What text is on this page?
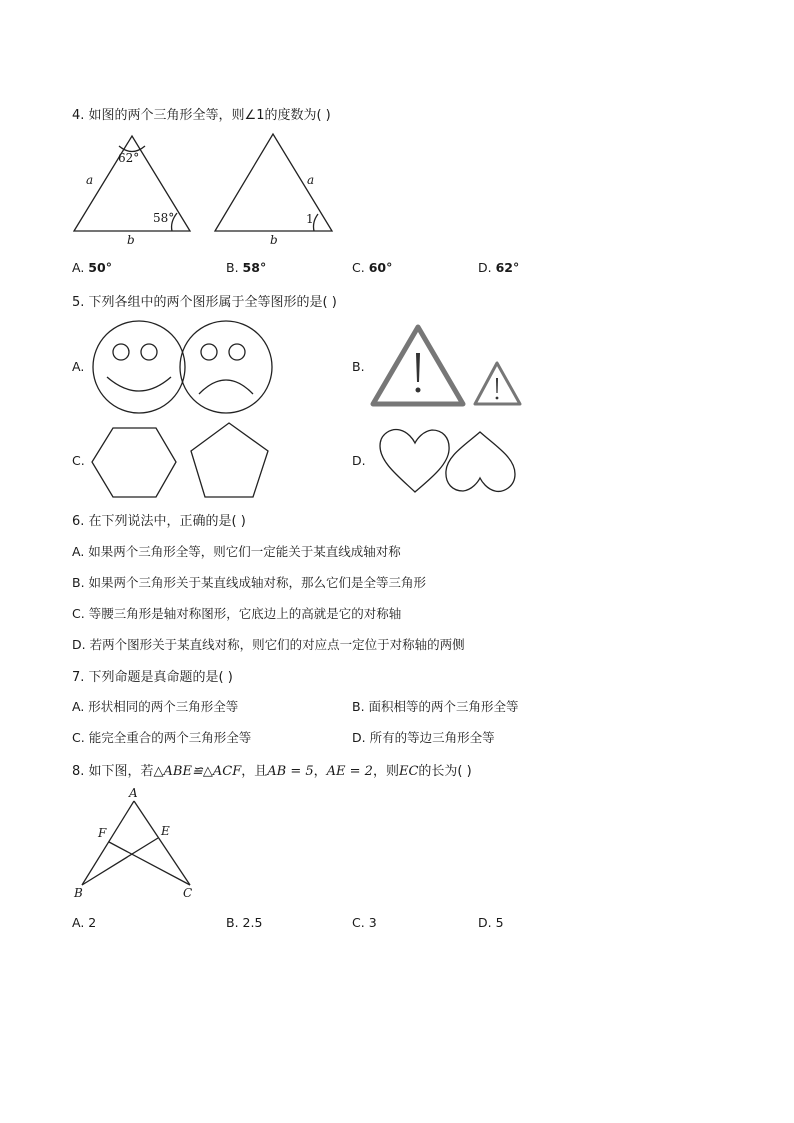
4. 如图的两个三角形全等，则∠1的度数为( )
62°
58°
a
b
a
b
1
A. 50°	B. 58°	C. 60°	D. 62°
5. 下列各组中的两个图形属于全等图形的是( )
A.	B.
C.	D.
6. 在下列说法中，正确的是( )
A. 如果两个三角形全等，则它们一定能关于某直线成轴对称
B. 如果两个三角形关于某直线成轴对称，那么它们是全等三角形
C. 等腰三角形是轴对称图形，它底边上的高就是它的对称轴
D. 若两个图形关于某直线对称，则它们的对应点一定位于对称轴的两侧
7. 下列命题是真命题的是( )
A. 形状相同的两个三角形全等	B. 面积相等的两个三角形全等
C. 能完全重合的两个三角形全等	D. 所有的等边三角形全等
8. 如下图，若△ABE≌△ACF，且AB = 5，AE = 2，则EC的长为( )
A
F	E
B	C
A. 2	B. 2.5	C. 3	D. 5
